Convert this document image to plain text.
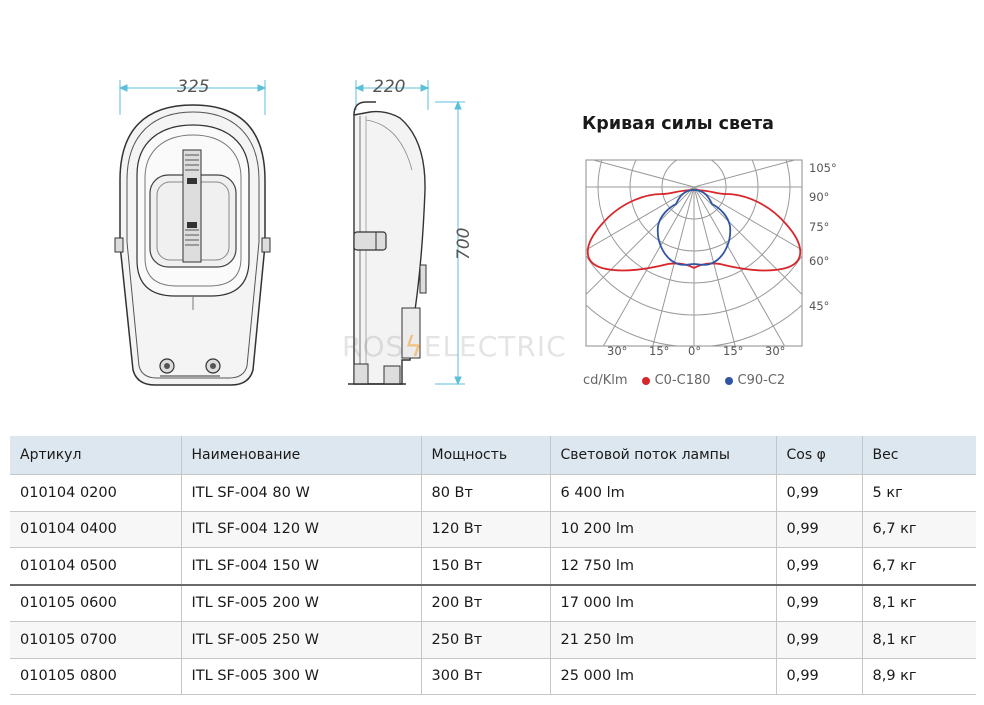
325	220
700
ROSϟELECTRIC
Кривая силы света
105°
90°
75°
60°
45°
30° 15° 0° 15° 30°
cd/Klm C0-C180 C90-C2
Артикул	Наименование	Мощность	Световой поток лампы	Cos φ	Вес
010104 0200	ITL SF-004 80 W	80 Вт	6 400 lm	0,99	5 кг
010104 0400	ITL SF-004 120 W	120 Вт	10 200 lm	0,99	6,7 кг
010104 0500	ITL SF-004 150 W	150 Вт	12 750 lm	0,99	6,7 кг
010105 0600	ITL SF-005 200 W	200 Вт	17 000 lm	0,99	8,1 кг
010105 0700	ITL SF-005 250 W	250 Вт	21 250 lm	0,99	8,1 кг
010105 0800	ITL SF-005 300 W	300 Вт	25 000 lm	0,99	8,9 кг
